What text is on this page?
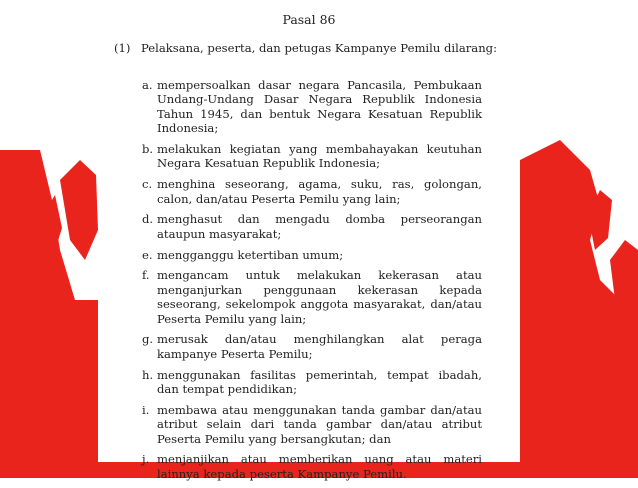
Pasal 86
(1) Pelaksana, peserta, dan petugas Kampanye Pemilu dilarang:
a. mempersoalkan dasar negara Pancasila, Pembukaan Undang-Undang Dasar Negara Republik Indonesia Tahun 1945, dan bentuk Negara Kesatuan Republik Indonesia;
b. melakukan kegiatan yang membahayakan keutuhan Negara Kesatuan Republik Indonesia;
c. menghina seseorang, agama, suku, ras, golongan, calon, dan/atau Peserta Pemilu yang lain;
d. menghasut dan mengadu domba perseorangan ataupun masyarakat;
e. mengganggu ketertiban umum;
f. mengancam untuk melakukan kekerasan atau menganjurkan penggunaan kekerasan kepada seseorang, sekelompok anggota masyarakat, dan/atau Peserta Pemilu yang lain;
g. merusak dan/atau menghilangkan alat peraga kampanye Peserta Pemilu;
h. menggunakan fasilitas pemerintah, tempat ibadah, dan tempat pendidikan;
i. membawa atau menggunakan tanda gambar dan/atau atribut selain dari tanda gambar dan/atau atribut Peserta Pemilu yang bersangkutan; dan
j. menjanjikan atau memberikan uang atau materi lainnya kepada peserta Kampanye Pemilu.
